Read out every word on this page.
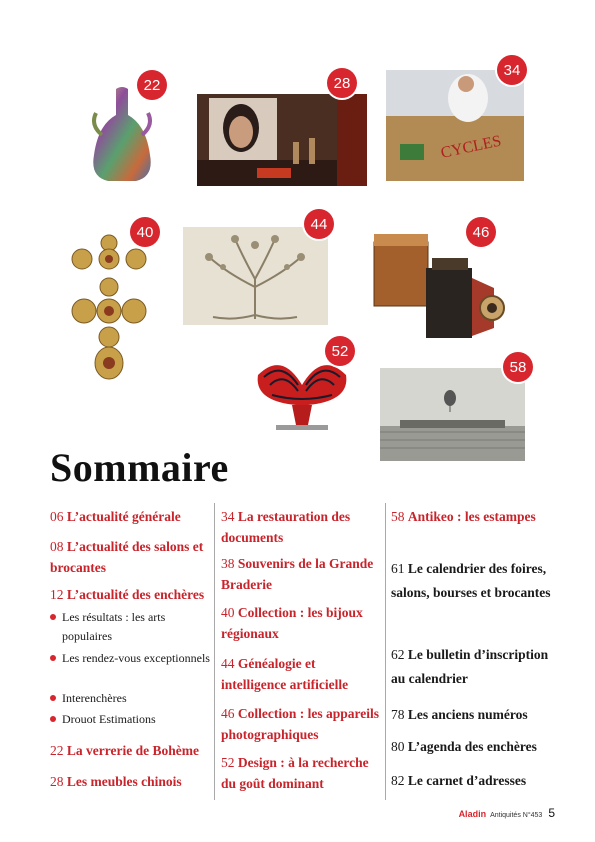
22	28
CYCLES
34
40	44	46
52
58
Sommaire
06 L’actualité générale
08 L’actualité des salons et brocantes
12 L’actualité des enchères
Les résultats : les arts populaires
Les rendez-vous exceptionnels
Interenchères
Drouot Estimations
22 La verrerie de Bohème
28 Les meubles chinois
34 La restauration des documents
38 Souvenirs de la Grande Braderie
40 Collection : les bijoux régionaux
44 Généalogie et intelligence artificielle
46 Collection : les appareils photographiques
52 Design : à la recherche du goût dominant
58 Antikeo : les estampes
61 Le calendrier des foires, salons, bourses et brocantes
62 Le bulletin d’inscription au calendrier
78 Les anciens numéros
80 L’agenda des enchères
82 Le carnet d’adresses
Aladin Antiquités N°453 5
